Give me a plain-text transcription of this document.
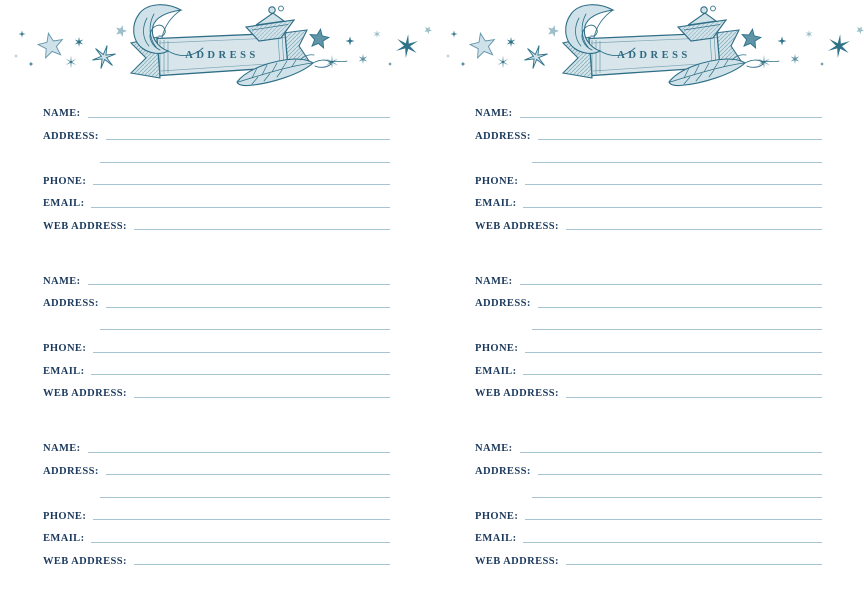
ADDRESS
NAME:
ADDRESS:
PHONE:
EMAIL:
WEB ADDRESS:
NAME:
ADDRESS:
PHONE:
EMAIL:
WEB ADDRESS:
NAME:
ADDRESS:
PHONE:
EMAIL:
WEB ADDRESS:
ADDRESS
NAME:
ADDRESS:
PHONE:
EMAIL:
WEB ADDRESS:
NAME:
ADDRESS:
PHONE:
EMAIL:
WEB ADDRESS:
NAME:
ADDRESS:
PHONE:
EMAIL:
WEB ADDRESS:
